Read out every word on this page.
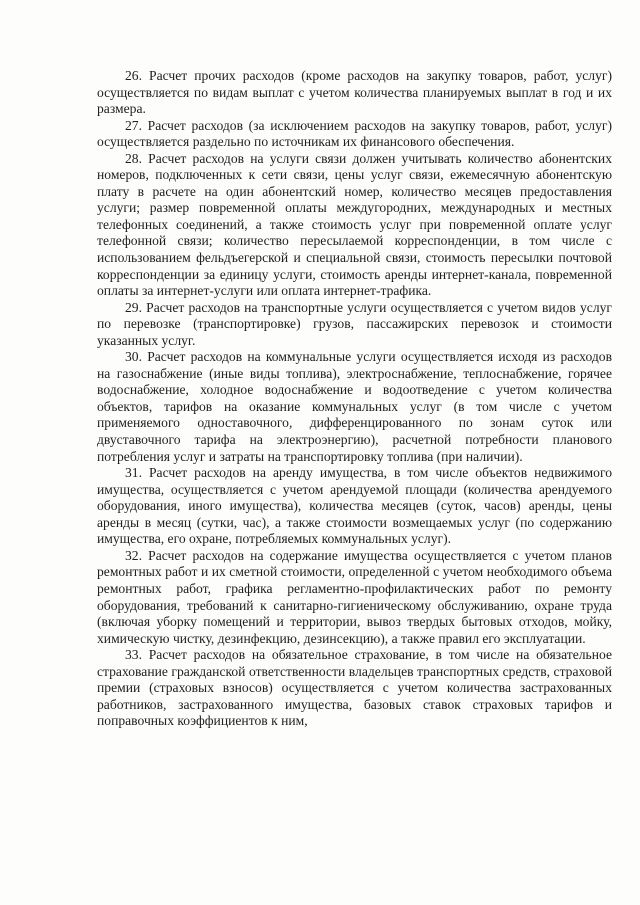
26. Расчет прочих расходов (кроме расходов на закупку товаров, работ, услуг) осуществляется по видам выплат с учетом количества планируемых выплат в год и их размера.

27. Расчет расходов (за исключением расходов на закупку товаров, работ, услуг) осуществляется раздельно по источникам их финансового обеспечения.

28. Расчет расходов на услуги связи должен учитывать количество абонентских номеров, подключенных к сети связи, цены услуг связи, ежемесячную абонентскую плату в расчете на один абонентский номер, количество месяцев предоставления услуги; размер повременной оплаты междугородних, международных и местных телефонных соединений, а также стоимость услуг при повременной оплате услуг телефонной связи; количество пересылаемой корреспонденции, в том числе с использованием фельдъегерской и специальной связи, стоимость пересылки почтовой корреспонденции за единицу услуги, стоимость аренды интернет-канала, повременной оплаты за интернет-услуги или оплата интернет-трафика.

29. Расчет расходов на транспортные услуги осуществляется с учетом видов услуг по перевозке (транспортировке) грузов, пассажирских перевозок и стоимости указанных услуг.

30. Расчет расходов на коммунальные услуги осуществляется исходя из расходов на газоснабжение (иные виды топлива), электроснабжение, теплоснабжение, горячее водоснабжение, холодное водоснабжение и водоотведение с учетом количества объектов, тарифов на оказание коммунальных услуг (в том числе с учетом применяемого одноставочного, дифференцированного по зонам суток или двуставочного тарифа на электроэнергию), расчетной потребности планового потребления услуг и затраты на транспортировку топлива (при наличии).

31. Расчет расходов на аренду имущества, в том числе объектов недвижимого имущества, осуществляется с учетом арендуемой площади (количества арендуемого оборудования, иного имущества), количества месяцев (суток, часов) аренды, цены аренды в месяц (сутки, час), а также стоимости возмещаемых услуг (по содержанию имущества, его охране, потребляемых коммунальных услуг).

32. Расчет расходов на содержание имущества осуществляется с учетом планов ремонтных работ и их сметной стоимости, определенной с учетом необходимого объема ремонтных работ, графика регламентно-профилактических работ по ремонту оборудования, требований к санитарно-гигиеническому обслуживанию, охране труда (включая уборку помещений и территории, вывоз твердых бытовых отходов, мойку, химическую чистку, дезинфекцию, дезинсекцию), а также правил его эксплуатации.

33. Расчет расходов на обязательное страхование, в том числе на обязательное страхование гражданской ответственности владельцев транспортных средств, страховой премии (страховых взносов) осуществляется с учетом количества застрахованных работников, застрахованного имущества, базовых ставок страховых тарифов и поправочных коэффициентов к ним,
